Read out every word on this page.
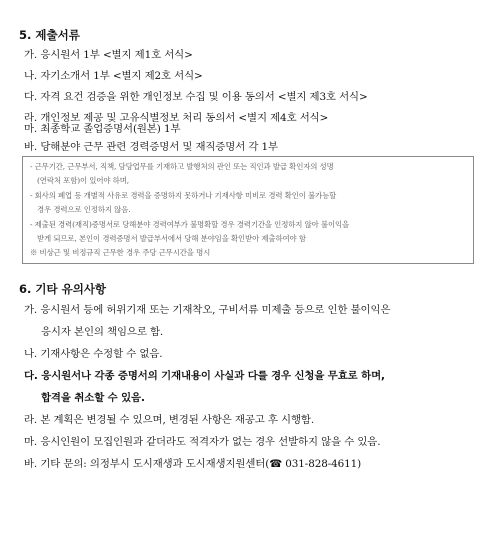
5. 제출서류
가. 응시원서 1부 <별지 제1호 서식>
나. 자기소개서 1부 <별지 제2호 서식>
다. 자격 요건 검증을 위한 개인정보 수집 및 이용 동의서 <별지 제3호 서식>
라. 개인정보 제공 및 고유식별정보 처리 동의서 <별지 제4호 서식>
마. 최종학교 졸업증명서(원본) 1부
바. 당해분야 근무 관련 경력증명서 및 재직증명서 각 1부
- 근무기간, 근무부서, 직책, 담당업무를 기재하고 발행처의 관인 또는 직인과 발급 확인자의 성명
(연락처 포함)이 있어야 하며,
- 회사의 폐업 등 개별적 사유로 경력을 증명하지 못하거나 기재사항 미비로 경력 확인이 불가능할
경우 경력으로 인정하지 않음.
- 제출된 경력(재직)증명서로 당해분야 경력여부가 불명확할 경우 경력기간을 인정하지 않아 불이익을
받게 되므로, 본인이 경력증명서 발급부서에서 당해 분야임을 확인받아 제출하여야 함
※ 비상근 및 비정규직 근무한 경우 주당 근무시간을 명시
6. 기타 유의사항
가. 응시원서 등에 허위기재 또는 기재착오, 구비서류 미제출 등으로 인한 불이익은
응시자 본인의 책임으로 함.
나. 기재사항은 수정할 수 없음.
다. 응시원서나 각종 증명서의 기재내용이 사실과 다를 경우 신청을 무효로 하며,
합격을 취소할 수 있음.
라. 본 계획은 변경될 수 있으며, 변경된 사항은 재공고 후 시행함.
마. 응시인원이 모집인원과 같더라도 적격자가 없는 경우 선발하지 않을 수 있음.
바. 기타 문의: 의정부시 도시재생과 도시재생지원센터(☎ 031-828-4611)
